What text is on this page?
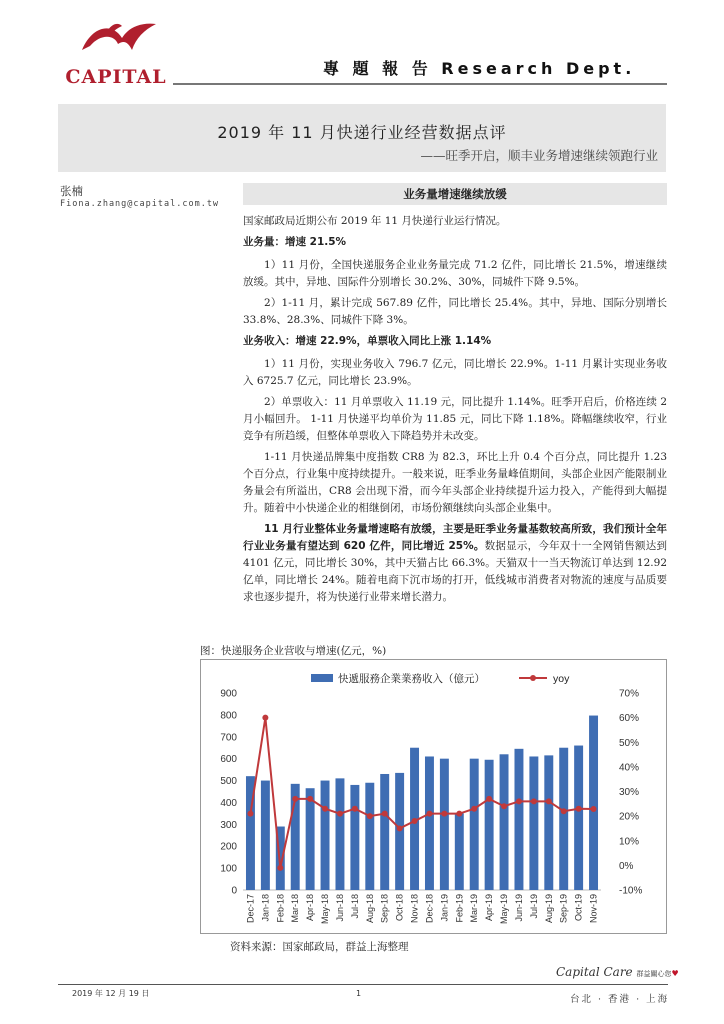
CAPITAL	專 題 報 告 Research Dept.
2019 年 11 月快递行业经营数据点评
——旺季开启，顺丰业务增速继续领跑行业
张楠
Fiona.zhang@capital.com.tw
业务量增速继续放缓

国家邮政局近期公布 2019 年 11 月快递行业运行情况。

业务量：增速 21.5%

1）11 月份，全国快递服务企业业务量完成 71.2 亿件，同比增长 21.5%，增速继续放缓。其中，异地、国际件分别增长 30.2%、30%，同城件下降 9.5%。

2）1-11 月，累计完成 567.89 亿件，同比增长 25.4%。其中，异地、国际分别增长 33.8%、28.3%、同城件下降 3%。

业务收入：增速 22.9%，单票收入同比上涨 1.14%

1）11 月份，实现业务收入 796.7 亿元，同比增长 22.9%。1-11 月累计实现业务收入 6725.7 亿元，同比增长 23.9%。

2）单票收入：11 月单票收入 11.19 元，同比提升 1.14%。旺季开启后，价格连续 2 月小幅回升。 1-11 月快递平均单价为 11.85 元，同比下降 1.18%。降幅继续收窄，行业竞争有所趋缓，但整体单票收入下降趋势并未改变。

1-11 月快递品牌集中度指数 CR8 为 82.3，环比上升 0.4 个百分点，同比提升 1.23 个百分点，行业集中度持续提升。一般来说，旺季业务量峰值期间，头部企业因产能限制业务量会有所溢出，CR8 会出现下滑，而今年头部企业持续提升运力投入，产能得到大幅提升。随着中小快递企业的相继倒闭，市场份额继续向头部企业集中。

11 月行业整体业务量增速略有放缓，主要是旺季业务量基数较高所致，我们预计全年行业业务量有望达到 620 亿件，同比增近 25%。数据显示，今年双十一全网销售额达到 4101 亿元，同比增长 30%，其中天猫占比 66.3%。天猫双十一当天物流订单达到 12.92 亿单，同比增长 24%。随着电商下沉市场的打开，低线城市消费者对物流的速度与品质要求也逐步提升，将为快递行业带来增长潜力。

图：快递服务企业营收与增速(亿元，%)
0
100
200
300
400
500
600
700
800
900
-10%
0%
10%
20%
30%
40%
50%
60%
70%
Dec-17 Jan-18 Feb-18 Mar-18 Apr-18 May-18 Jun-18 Jul-18 Aug-18 Sep-18 Oct-18 Nov-18 Dec-18 Jan-19 Feb-19 Mar-19 Apr-19 May-19 Jun-19 Jul-19 Aug-19 Sep-19 Oct-19 Nov-19
快遞服務企業業務收入（億元）	yoy
资料来源：国家邮政局，群益上海整理
Capital Care 群益關心您♥
2019 年 12 月 19 日	1
台北 · 香港 · 上海
